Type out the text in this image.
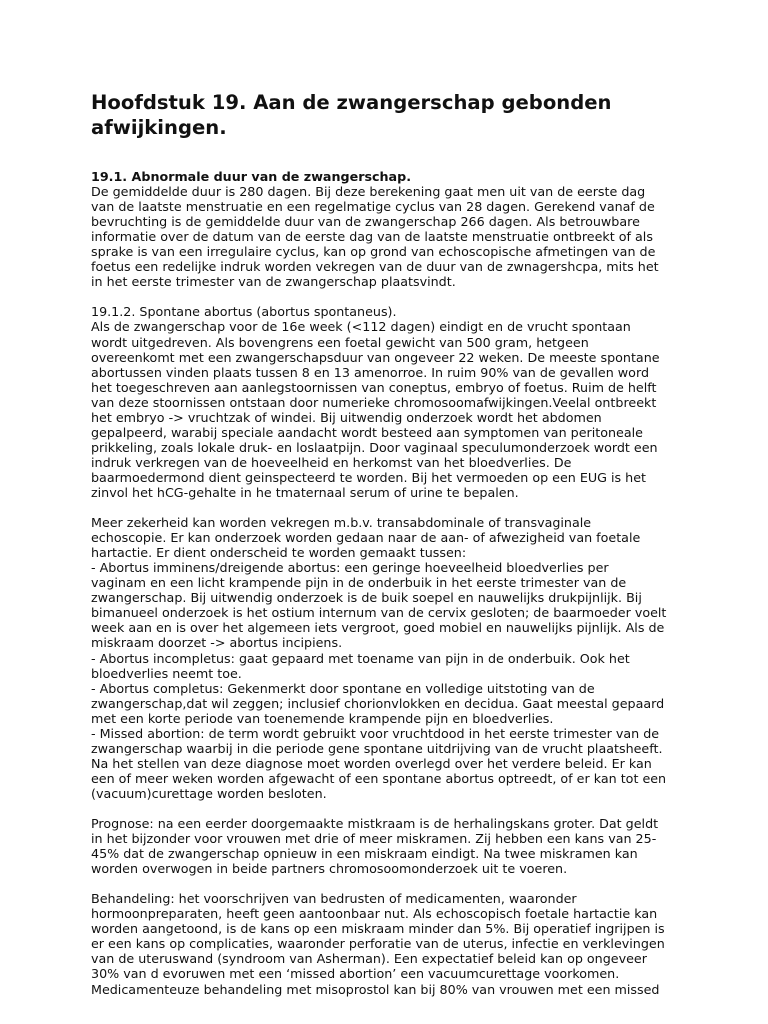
Hoofdstuk 19. Aan de zwangerschap gebonden
afwijkingen.
19.1. Abnormale duur van de zwangerschap.

De gemiddelde duur is 280 dagen. Bij deze berekening gaat men uit van de eerste dag
van de laatste menstruatie en een regelmatige cyclus van 28 dagen. Gerekend vanaf de
bevruchting is de gemiddelde duur van de zwangerschap 266 dagen. Als betrouwbare
informatie over de datum van de eerste dag van de laatste menstruatie ontbreekt of als
sprake is van een irregulaire cyclus, kan op grond van echoscopische afmetingen van de
foetus een redelijke indruk worden vekregen van de duur van de zwnagershcpa, mits het
in het eerste trimester van de zwangerschap plaatsvindt.

19.1.2. Spontane abortus (abortus spontaneus).
Als de zwangerschap voor de 16e week (<112 dagen) eindigt en de vrucht spontaan
wordt uitgedreven. Als bovengrens een foetal gewicht van 500 gram, hetgeen
overeenkomt met een zwangerschapsduur van ongeveer 22 weken. De meeste spontane
abortussen vinden plaats tussen 8 en 13 amenorroe. In ruim 90% van de gevallen word
het toegeschreven aan aanlegstoornissen van coneptus, embryo of foetus. Ruim de helft
van deze stoornissen ontstaan door numerieke chromosoomafwijkingen.Veelal ontbreekt
het embryo -> vruchtzak of windei. Bij uitwendig onderzoek wordt het abdomen
gepalpeerd, warabij speciale aandacht wordt besteed aan symptomen van peritoneale
prikkeling, zoals lokale druk- en loslaatpijn. Door vaginaal speculumonderzoek wordt een
indruk verkregen van de hoeveelheid en herkomst van het bloedverlies. De
baarmoedermond dient geinspecteerd te worden. Bij het vermoeden op een EUG is het
zinvol het hCG-gehalte in he tmaternaal serum of urine te bepalen.

Meer zekerheid kan worden vekregen m.b.v. transabdominale of transvaginale
echoscopie. Er kan onderzoek worden gedaan naar de aan- of afwezigheid van foetale
hartactie. Er dient onderscheid te worden gemaakt tussen:
- Abortus imminens/dreigende abortus: een geringe hoeveelheid bloedverlies per
vaginam en een licht krampende pijn in de onderbuik in het eerste trimester van de
zwangerschap. Bij uitwendig onderzoek is de buik soepel en nauwelijks drukpijnlijk. Bij
bimanueel onderzoek is het ostium internum van de cervix gesloten; de baarmoeder voelt
week aan en is over het algemeen iets vergroot, goed mobiel en nauwelijks pijnlijk. Als de
miskraam doorzet -> abortus incipiens.
- Abortus incompletus: gaat gepaard met toename van pijn in de onderbuik. Ook het
bloedverlies neemt toe.
- Abortus completus: Gekenmerkt door spontane en volledige uitstoting van de
zwangerschap,dat wil zeggen; inclusief chorionvlokken en decidua. Gaat meestal gepaard
met een korte periode van toenemende krampende pijn en bloedverlies.
- Missed abortion: de term wordt gebruikt voor vruchtdood in het eerste trimester van de
zwangerschap waarbij in die periode gene spontane uitdrijving van de vrucht plaatsheeft.
Na het stellen van deze diagnose moet worden overlegd over het verdere beleid. Er kan
een of meer weken worden afgewacht of een spontane abortus optreedt, of er kan tot een
(vacuum)curettage worden besloten.

Prognose: na een eerder doorgemaakte mistkraam is de herhalingskans groter. Dat geldt
in het bijzonder voor vrouwen met drie of meer miskramen. Zij hebben een kans van 25-
45% dat de zwangerschap opnieuw in een miskraam eindigt. Na twee miskramen kan
worden overwogen in beide partners chromosoomonderzoek uit te voeren.

Behandeling: het voorschrijven van bedrusten of medicamenten, waaronder
hormoonpreparaten, heeft geen aantoonbaar nut. Als echoscopisch foetale hartactie kan
worden aangetoond, is de kans op een miskraam minder dan 5%. Bij operatief ingrijpen is
er een kans op complicaties, waaronder perforatie van de uterus, infectie en verklevingen
van de uteruswand (syndroom van Asherman). Een expectatief beleid kan op ongeveer
30% van d evoruwen met een ‘missed abortion’ een vacuumcurettage voorkomen.
Medicamenteuze behandeling met misoprostol kan bij 80% van vrouwen met een missed
